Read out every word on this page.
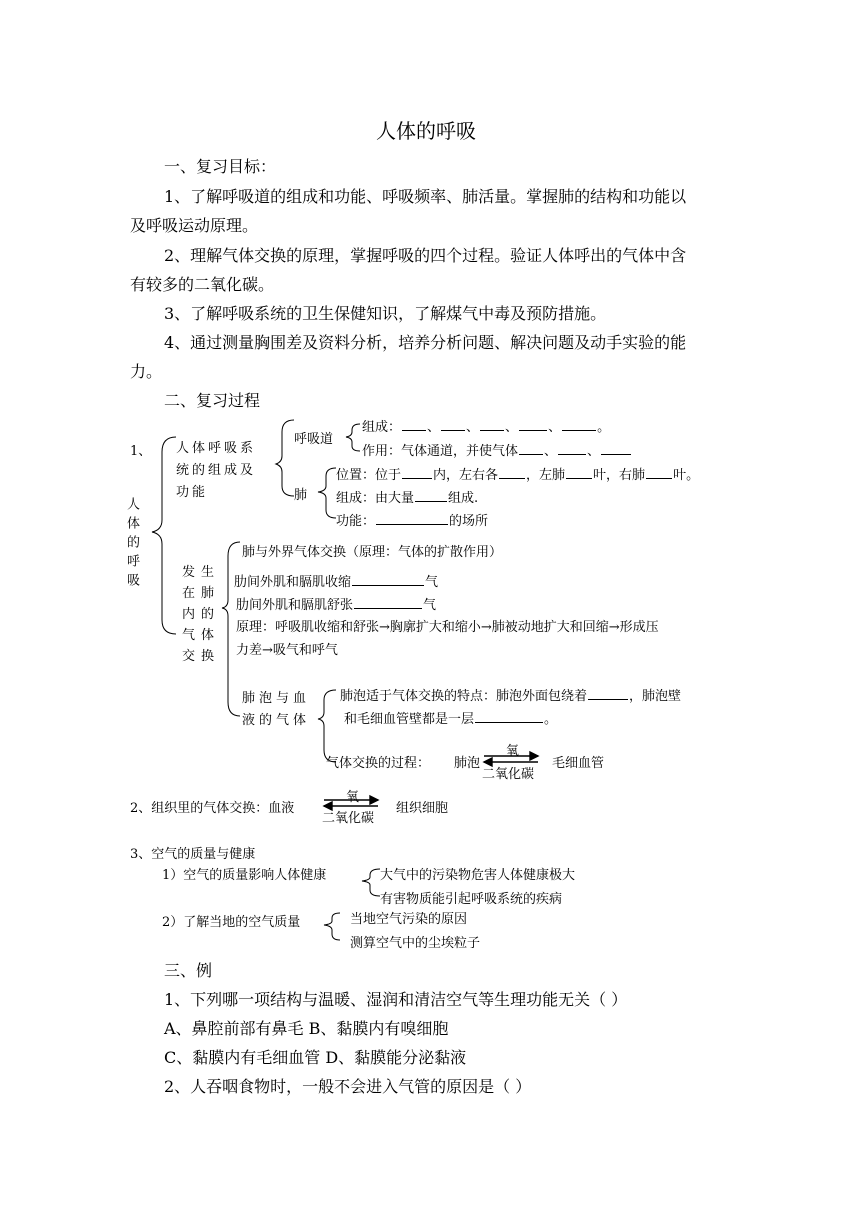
人体的呼吸
一、复习目标：
1、了解呼吸道的组成和功能、呼吸频率、肺活量。掌握肺的结构和功能以
及呼吸运动原理。
2、理解气体交换的原理，掌握呼吸的四个过程。验证人体呼出的气体中含
有较多的二氧化碳。
3、了解呼吸系统的卫生保健知识，了解煤气中毒及预防措施。
4、通过测量胸围差及资料分析，培养分析问题、解决问题及动手实验的能
力。
二、复习过程
1、
人体的呼吸
人体呼吸系统的组成及功能
呼吸道
组成： 、 、 、 、	。
作用：气体通道，并使气体 、 、
肺
位置：位于 内，左右各 ，左肺 叶，右肺 叶。
组成：由大量	组成.
功能：	的场所
发生在肺内的气体交换
肺与外界气体交换（原理：气体的扩散作用）
肋间外肌和膈肌收缩	气
肋间外肌和膈肌舒张	气
原理：呼吸肌收缩和舒张→胸廓扩大和缩小→肺被动地扩大和回缩→形成压
力差→吸气和呼气
肺泡与血液的气体
肺泡适于气体交换的特点：肺泡外面包绕着	，肺泡壁
和毛细血管壁都是一层	。
气体交换的过程： 肺泡
氧
二氧化碳
毛细血管
2、组织里的气体交换：血液
氧
二氧化碳
组织细胞
3、空气的质量与健康
1）空气的质量影响人体健康	大气中的污染物危害人体健康极大
有害物质能引起呼吸系统的疾病
2）了解当地的空气质量	当地空气污染的原因
测算空气中的尘埃粒子
三、例
1、下列哪一项结构与温暖、湿润和清洁空气等生理功能无关（ ）
A、鼻腔前部有鼻毛 B、黏膜内有嗅细胞
C、黏膜内有毛细血管 D、黏膜能分泌黏液
2、人吞咽食物时，一般不会进入气管的原因是（ ）
